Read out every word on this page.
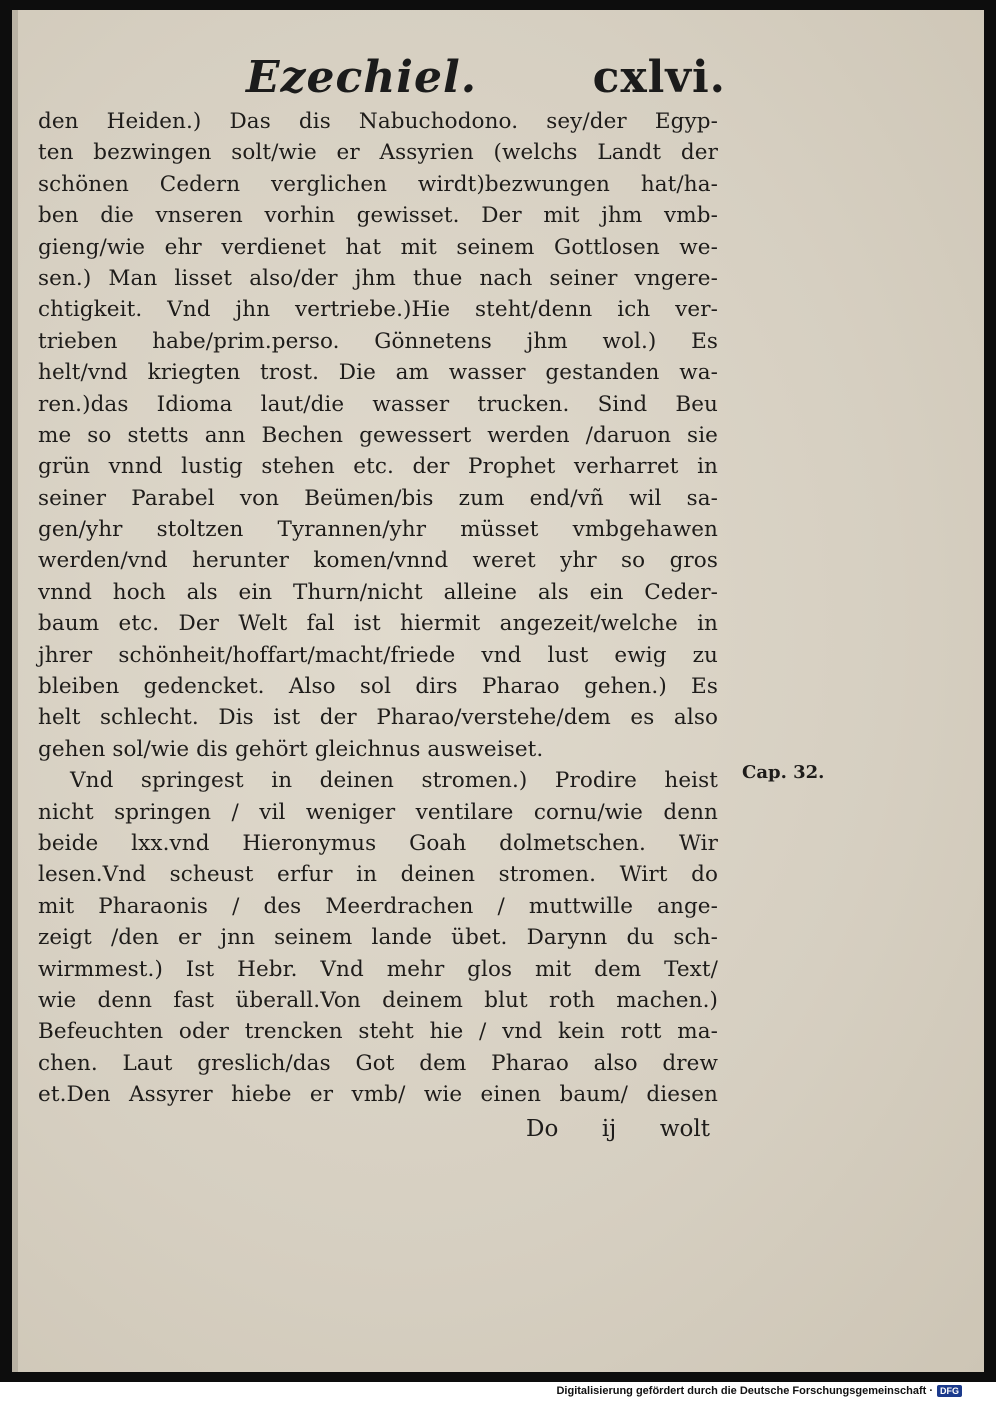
Ezechiel.	cxlvi.
den Heiden.) Das dis Nabuchodono. sey/der Egyp-
ten bezwingen solt/wie er Assyrien (welchs Landt der
schönen Cedern verglichen wirdt)bezwungen hat/ha-
ben die vnseren vorhin gewisset. Der mit jhm vmb-
gieng/wie ehr verdienet hat mit seinem Gottlosen we-
sen.) Man lisset also/der jhm thue nach seiner vngere-
chtigkeit. Vnd jhn vertriebe.)Hie steht/denn ich ver-
trieben habe/prim.perso. Gönnetens jhm wol.) Es
helt/vnd kriegten trost. Die am wasser gestanden wa-
ren.)das Idioma laut/die wasser trucken. Sind Beu
me so stetts ann Bechen gewessert werden /daruon sie
grün vnnd lustig stehen etc. der Prophet verharret in
seiner Parabel von Beümen/bis zum end/vñ wil sa-
gen/yhr stoltzen Tyrannen/yhr müsset vmbgehawen
werden/vnd herunter komen/vnnd weret yhr so gros
vnnd hoch als ein Thurn/nicht alleine als ein Ceder-
baum etc. Der Welt fal ist hiermit angezeit/welche in
jhrer schönheit/hoffart/macht/friede vnd lust ewig zu
bleiben gedencket. Also sol dirs Pharao gehen.) Es
helt schlecht. Dis ist der Pharao/verstehe/dem es also
gehen sol/wie dis gehört gleichnus ausweiset.
Vnd springest in deinen stromen.) Prodire heist
nicht springen / vil weniger ventilare cornu/wie denn
beide lxx.vnd Hieronymus Goah dolmetschen. Wir
lesen.Vnd scheust erfur in deinen stromen. Wirt do
mit Pharaonis / des Meerdrachen / muttwille ange-
zeigt /den er jnn seinem lande übet. Darynn du sch-
wirmmest.) Ist Hebr. Vnd mehr glos mit dem Text/
wie denn fast überall.Von deinem blut roth machen.)
Befeuchten oder trencken steht hie / vnd kein rott ma-
chen. Laut greslich/das Got dem Pharao also drew
et.Den Assyrer hiebe er vmb/ wie einen baum/ diesen
Cap. 32.
Do ij wolt
Digitalisierung gefördert durch die Deutsche Forschungsgemeinschaft · DFG
